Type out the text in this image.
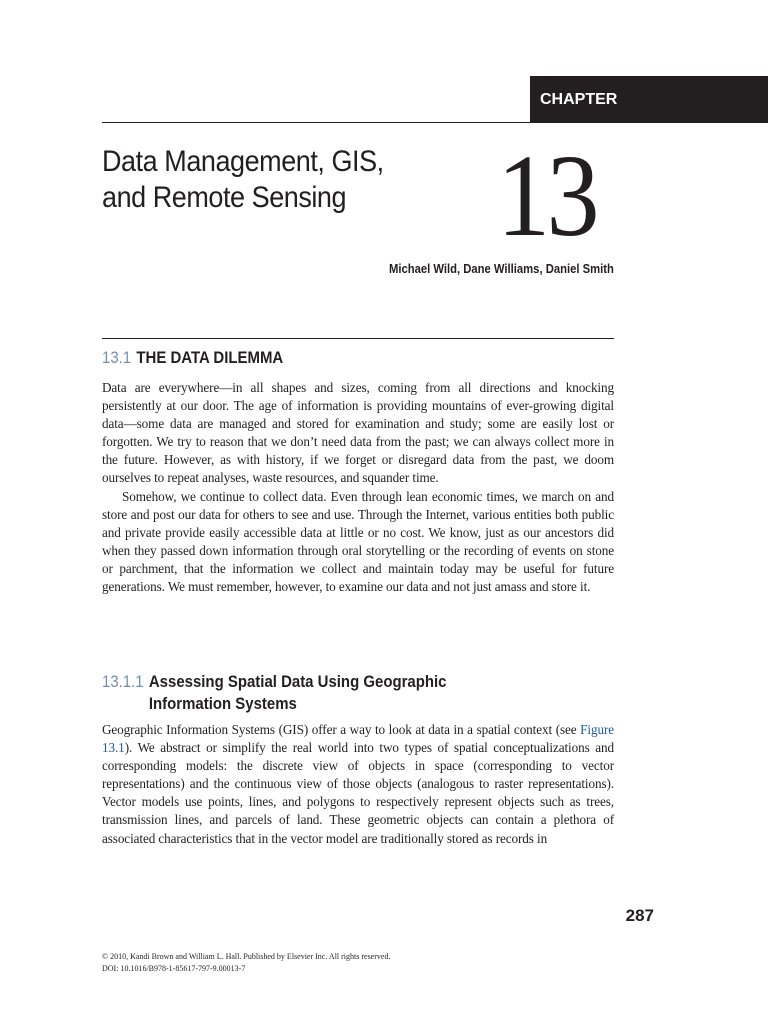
CHAPTER
Data Management, GIS,
and Remote Sensing	13

Michael Wild, Dane Williams, Daniel Smith

13.1 THE DATA DILEMMA

Data are everywhere—in all shapes and sizes, coming from all directions and knocking persistently at our door. The age of information is providing mountains of ever-growing digital data—some data are managed and stored for examination and study; some are easily lost or forgotten. We try to reason that we don’t need data from the past; we can always collect more in the future. However, as with history, if we forget or disregard data from the past, we doom ourselves to repeat analyses, waste resources, and squander time.

Somehow, we continue to collect data. Even through lean economic times, we march on and store and post our data for others to see and use. Through the Internet, various entities both public and private provide easily accessible data at little or no cost. We know, just as our ancestors did when they passed down information through oral storytelling or the recording of events on stone or parchment, that the information we collect and maintain today may be useful for future generations. We must remember, however, to examine our data and not just amass and store it.

13.1.1 Assessing Spatial Data Using Geographic
Information Systems

Geographic Information Systems (GIS) offer a way to look at data in a spatial context (see Figure 13.1). We abstract or simplify the real world into two types of spatial conceptualizations and corresponding models: the discrete view of objects in space (corresponding to vector representations) and the continuous view of those objects (analogous to raster representations). Vector models use points, lines, and polygons to respectively represent objects such as trees, transmission lines, and parcels of land. These geometric objects can contain a plethora of associated characteristics that in the vector model are traditionally stored as records in

287

© 2010, Kandi Brown and William L. Hall. Published by Elsevier Inc. All rights reserved.
DOI: 10.1016/B978-1-85617-797-9.00013-7
